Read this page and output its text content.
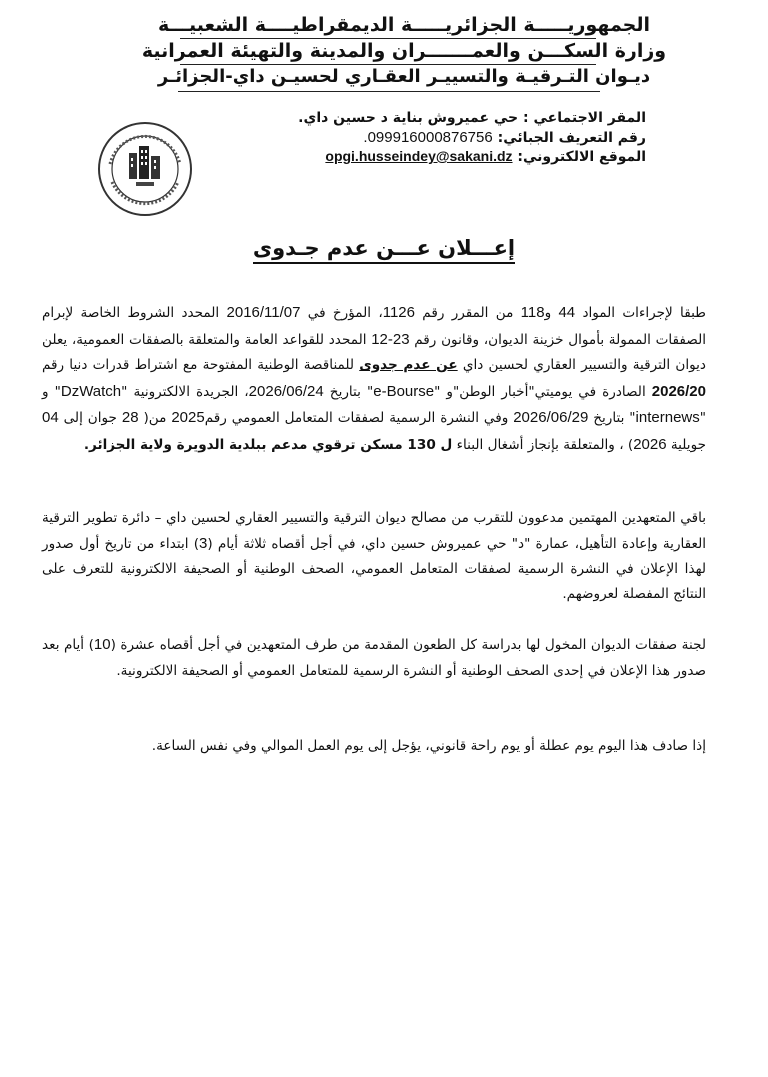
الجمهوريـــــة الجزائريـــــة الديمقراطيــــة الشعبيـــة
وزارة السكـــن والعمـــــــران والمدينة والتهيئة العمرانية
ديـوان التـرقيـة والتسييـر العقـاري لحسيـن داي-الجزائـر
المقر الاجتماعي : حي عميروش بناية د حسين داي.
رقم التعريف الجبائي: 099916000876756.
الموقع الالكتروني: opgi.husseindey@sakani.dz
إعـــلان عـــن عدم جـدوى
طبقا لإجراءات المواد 44 و118 من المقرر رقم 1126، المؤرخ في 2016/11/07 المحدد الشروط الخاصة لإبرام الصفقات الممولة بأموال خزينة الديوان، وقانون رقم 23-12 المحدد للقواعد العامة والمتعلقة بالصفقات العمومية، يعلن ديوان الترقية والتسيير العقاري لحسين داي عن عدم جدوى للمناقصة الوطنية المفتوحة مع اشتراط قدرات دنيا رقم 2026/20 الصادرة في يوميتي"أخبار الوطن"و "e-Bourse" بتاريخ 2026/06/24، الجريدة الالكترونية "DzWatch" و "internews" بتاريخ 2026/06/29 وفي النشرة الرسمية لصفقات المتعامل العمومي رقم2025 من( 28 جوان إلى 04 جويلية 2026) ، والمتعلقة بإنجاز أشغال البناء ل 130 مسكن ترقوي مدعم ببلدية الدويرة ولاية الجزائر.
باقي المتعهدين المهتمين مدعوون للتقرب من مصالح ديوان الترقية والتسيير العقاري لحسين داي – دائرة تطوير الترقية العقارية وإعادة التأهيل، عمارة "د" حي عميروش حسين داي، في أجل أقصاه ثلاثة أيام (3) ابتداء من تاريخ أول صدور لهذا الإعلان في النشرة الرسمية لصفقات المتعامل العمومي، الصحف الوطنية أو الصحيفة الالكترونية للتعرف على النتائج المفصلة لعروضهم.
لجنة صفقات الديوان المخول لها بدراسة كل الطعون المقدمة من طرف المتعهدين في أجل أقصاه عشرة (10) أيام بعد صدور هذا الإعلان في إحدى الصحف الوطنية أو النشرة الرسمية للمتعامل العمومي أو الصحيفة الالكترونية.
إذا صادف هذا اليوم يوم عطلة أو يوم راحة قانوني، يؤجل إلى يوم العمل الموالي وفي نفس الساعة.
